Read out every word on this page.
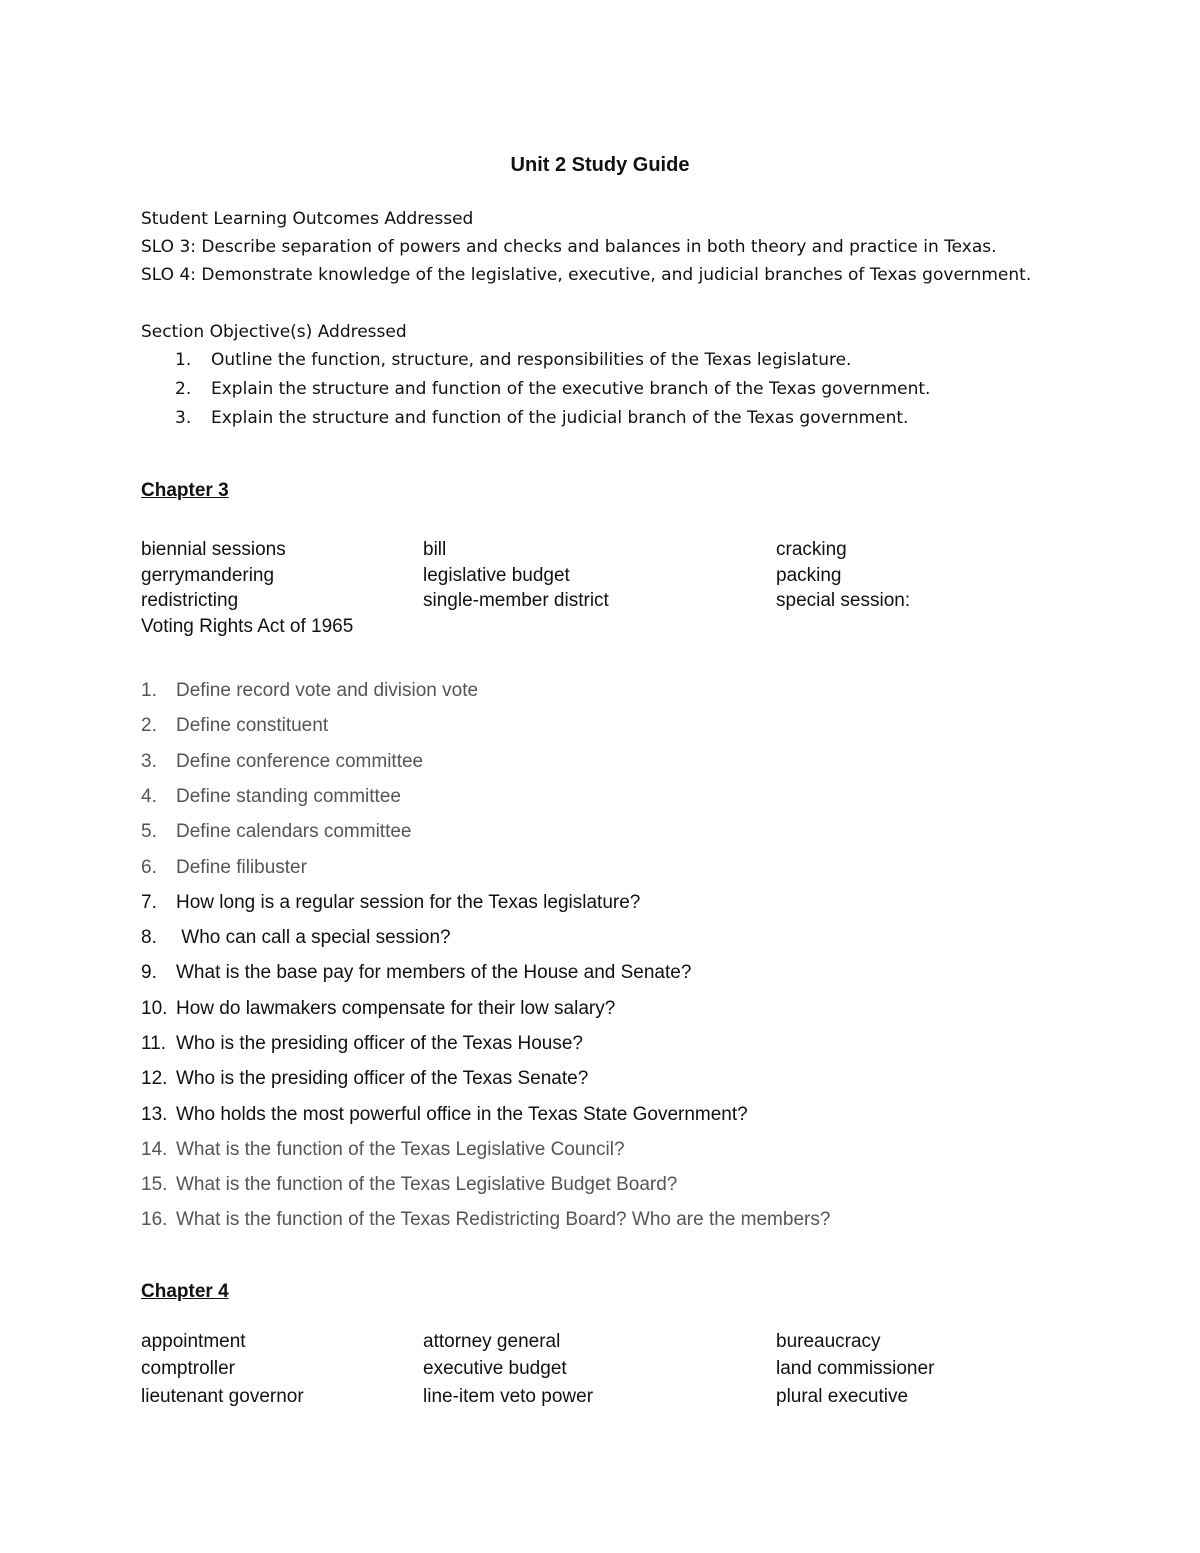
Unit 2 Study Guide
Student Learning Outcomes Addressed
SLO 3: Describe separation of powers and checks and balances in both theory and practice in Texas.
SLO 4: Demonstrate knowledge of the legislative, executive, and judicial branches of Texas government.
Section Objective(s) Addressed
1. Outline the function, structure, and responsibilities of the Texas legislature.
2. Explain the structure and function of the executive branch of the Texas government.
3. Explain the structure and function of the judicial branch of the Texas government.
Chapter 3
biennial sessions
gerrymandering
redistricting
Voting Rights Act of 1965
bill
legislative budget
single-member district
cracking
packing
special session:
1. Define record vote and division vote
2. Define constituent
3. Define conference committee
4. Define standing committee
5. Define calendars committee
6. Define filibuster
7. How long is a regular session for the Texas legislature?
8. Who can call a special session?
9. What is the base pay for members of the House and Senate?
10. How do lawmakers compensate for their low salary?
11. Who is the presiding officer of the Texas House?
12. Who is the presiding officer of the Texas Senate?
13. Who holds the most powerful office in the Texas State Government?
14. What is the function of the Texas Legislative Council?
15. What is the function of the Texas Legislative Budget Board?
16. What is the function of the Texas Redistricting Board? Who are the members?
Chapter 4
appointment
comptroller
lieutenant governor
attorney general
executive budget
line-item veto power
bureaucracy
land commissioner
plural executive
